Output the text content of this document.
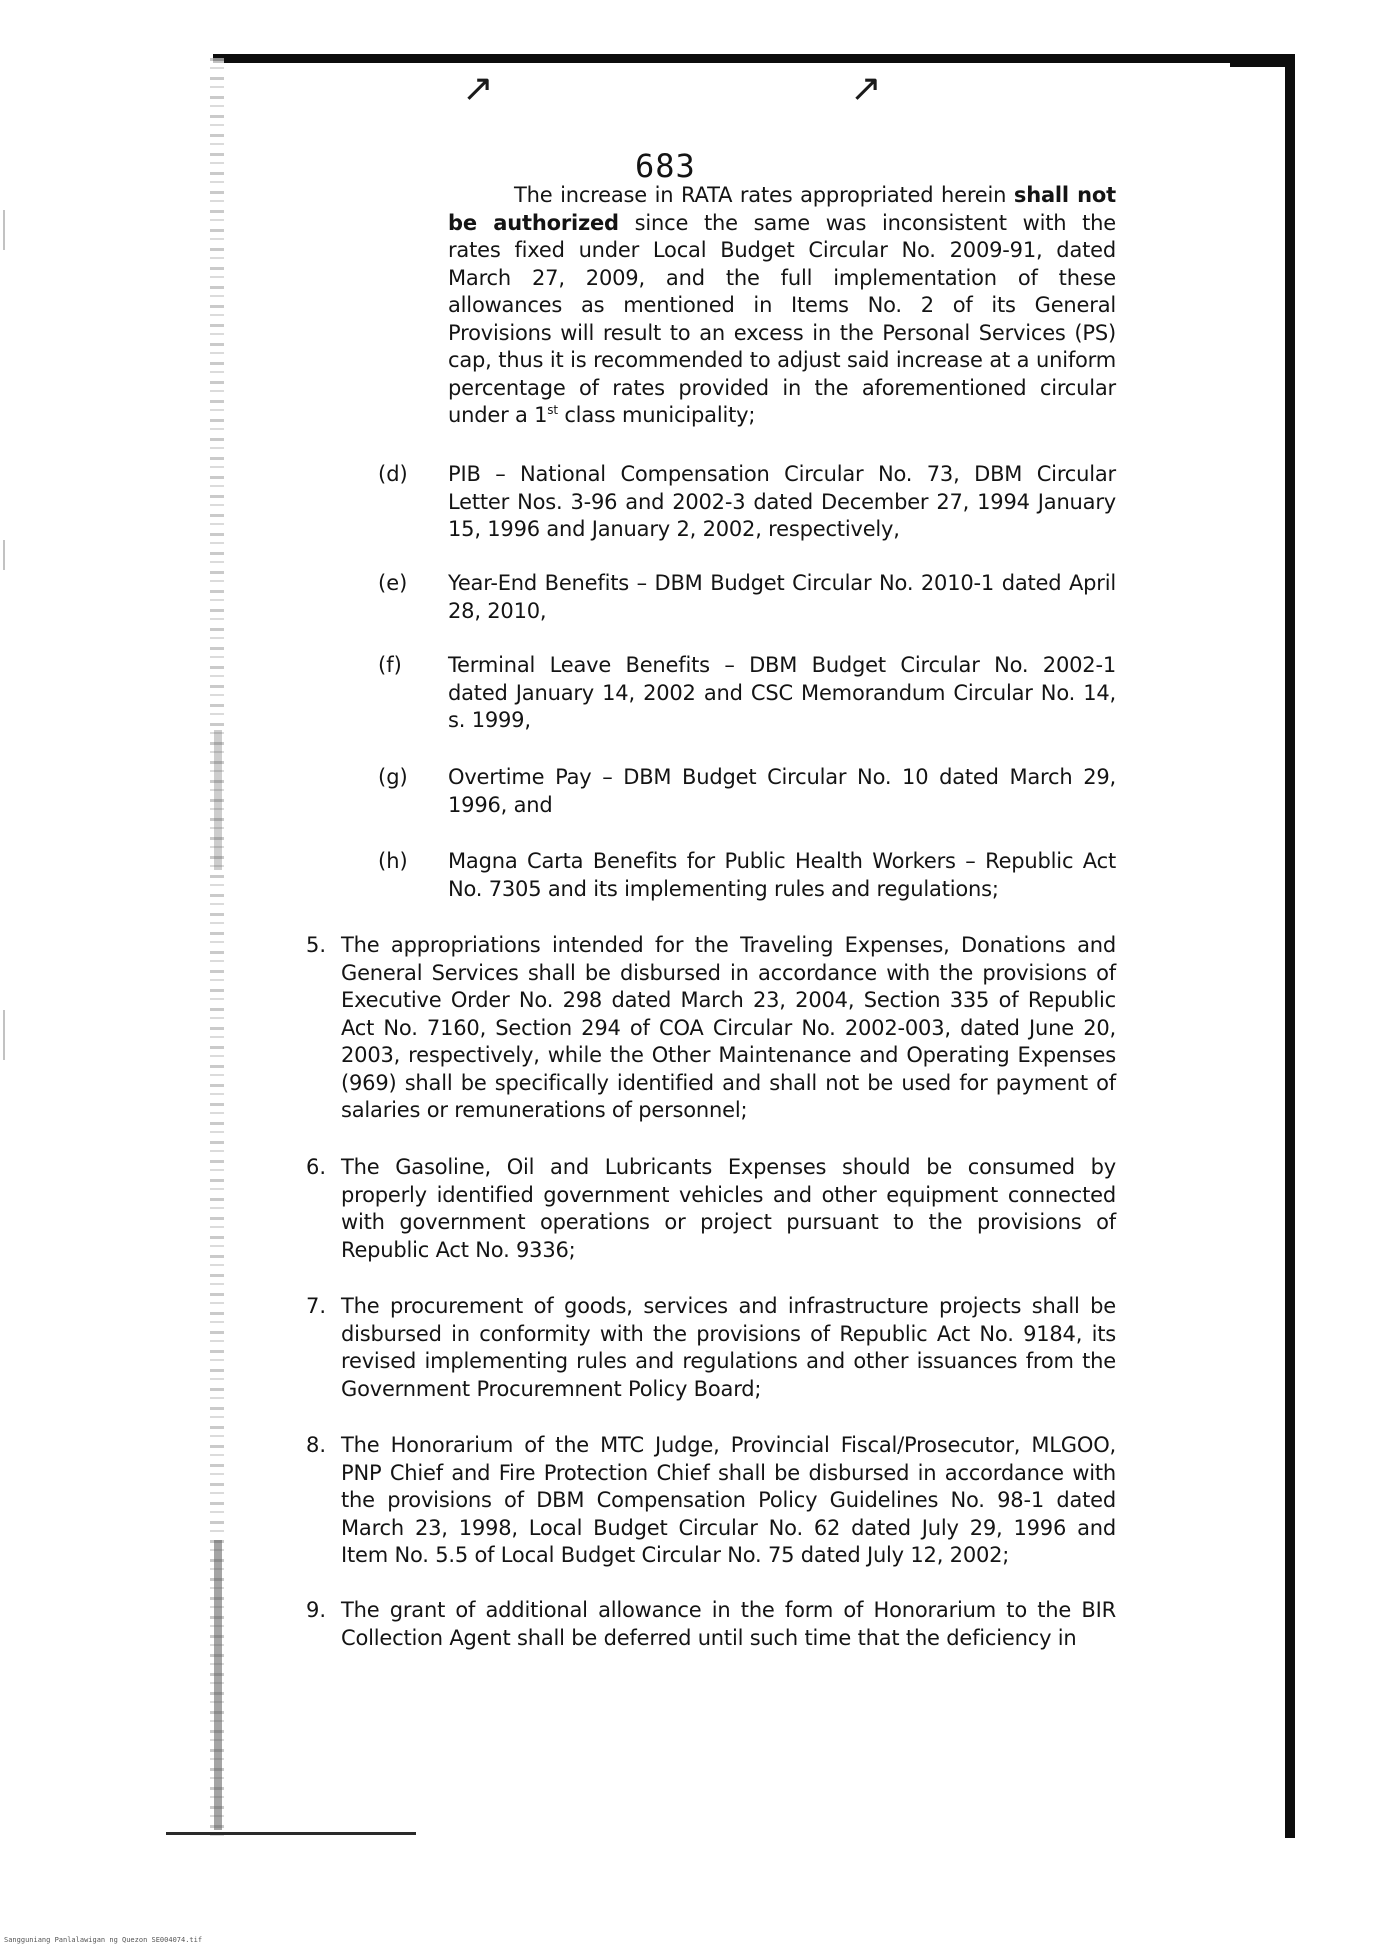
↗	↗
683

The increase in RATA rates appropriated herein shall not be authorized since the same was inconsistent with the

rates fixed under Local Budget Circular No. 2009-91, dated

March 27, 2009, and the full implementation of these

allowances as mentioned in Items No. 2 of its General

Provisions will result to an excess in the Personal Services (PS)

cap, thus it is recommended to adjust said increase at a uniform

percentage of rates provided in the aforementioned circular

under a 1st class municipality;

(d) PIB – National Compensation Circular No. 73, DBM Circular

Letter Nos. 3-96 and 2002-3 dated December 27, 1994 January

15, 1996 and January 2, 2002, respectively,

(e) Year-End Benefits – DBM Budget Circular No. 2010-1 dated April

28, 2010,

(f) Terminal Leave Benefits – DBM Budget Circular No. 2002-1

dated January 14, 2002 and CSC Memorandum Circular No. 14,

s. 1999,

(g) Overtime Pay – DBM Budget Circular No. 10 dated March 29,

1996, and

(h) Magna Carta Benefits for Public Health Workers – Republic Act

No. 7305 and its implementing rules and regulations;

5. The appropriations intended for the Traveling Expenses, Donations and

General Services shall be disbursed in accordance with the provisions of

Executive Order No. 298 dated March 23, 2004, Section 335 of Republic

Act No. 7160, Section 294 of COA Circular No. 2002-003, dated June 20,

2003, respectively, while the Other Maintenance and Operating Expenses

(969) shall be specifically identified and shall not be used for payment of

salaries or remunerations of personnel;

6. The Gasoline, Oil and Lubricants Expenses should be consumed by

properly identified government vehicles and other equipment connected

with government operations or project pursuant to the provisions of

Republic Act No. 9336;

7. The procurement of goods, services and infrastructure projects shall be

disbursed in conformity with the provisions of Republic Act No. 9184, its

revised implementing rules and regulations and other issuances from the

Government Procuremnent Policy Board;

8. The Honorarium of the MTC Judge, Provincial Fiscal/Prosecutor, MLGOO,

PNP Chief and Fire Protection Chief shall be disbursed in accordance with

the provisions of DBM Compensation Policy Guidelines No. 98-1 dated

March 23, 1998, Local Budget Circular No. 62 dated July 29, 1996 and

Item No. 5.5 of Local Budget Circular No. 75 dated July 12, 2002;

9. The grant of additional allowance in the form of Honorarium to the BIR

Collection Agent shall be deferred until such time that the deficiency in

Sangguniang Panlalawigan ng Quezon SE004074.tif
